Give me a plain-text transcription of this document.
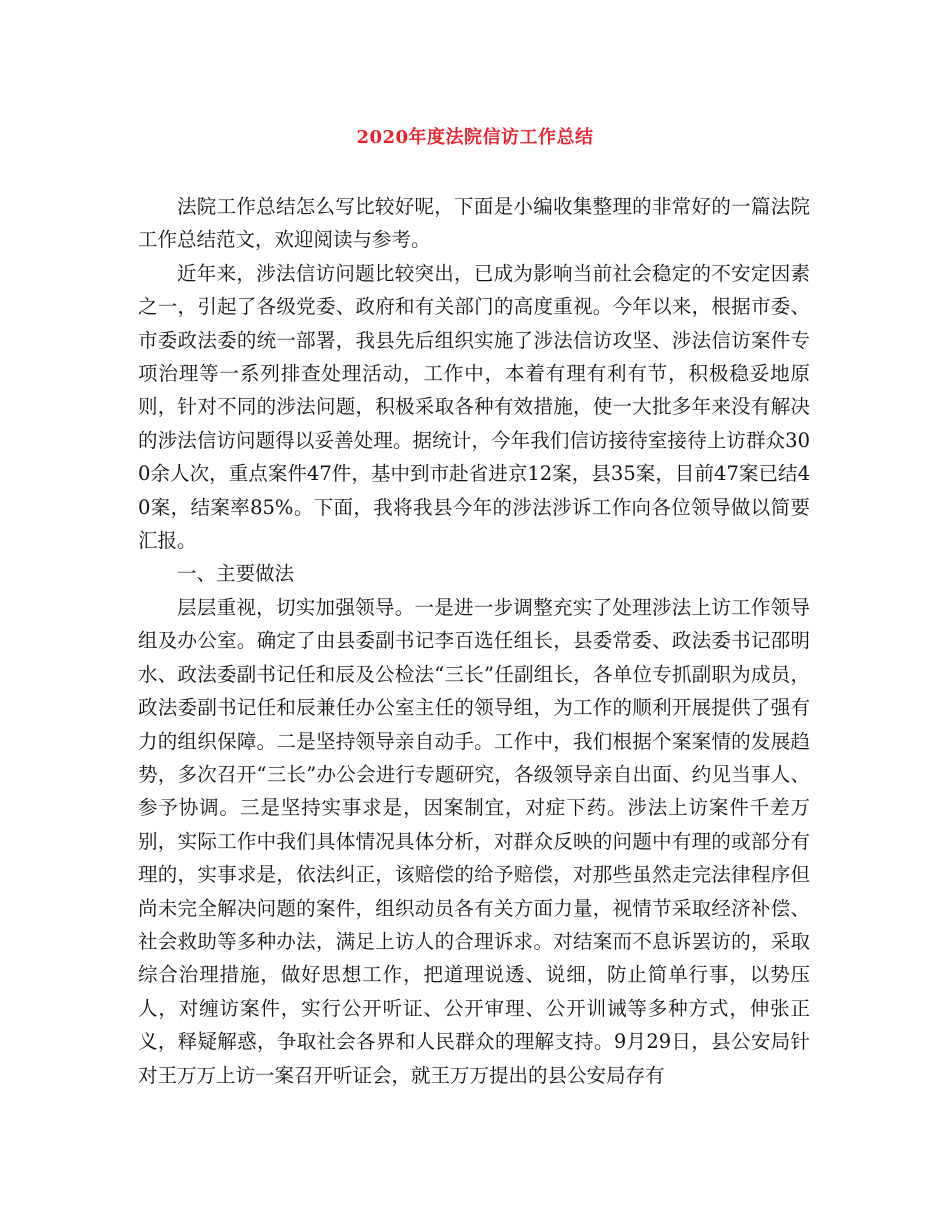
2020年度法院信访工作总结

法院工作总结怎么写比较好呢，下面是小编收集整理的非常好的一篇法院工作总结范文，欢迎阅读与参考。

近年来，涉法信访问题比较突出，已成为影响当前社会稳定的不安定因素之一，引起了各级党委、政府和有关部门的高度重视。今年以来，根据市委、市委政法委的统一部署，我县先后组织实施了涉法信访攻坚、涉法信访案件专项治理等一系列排查处理活动，工作中，本着有理有利有节，积极稳妥地原则，针对不同的涉法问题，积极采取各种有效措施，使一大批多年来没有解决的涉法信访问题得以妥善处理。据统计，今年我们信访接待室接待上访群众300余人次，重点案件47件，基中到市赴省进京12案，县35案，目前47案已结40案，结案率85%。下面，我将我县今年的涉法涉诉工作向各位领导做以简要汇报。

一、主要做法

层层重视，切实加强领导。一是进一步调整充实了处理涉法上访工作领导组及办公室。确定了由县委副书记李百选任组长，县委常委、政法委书记邵明水、政法委副书记任和辰及公检法“三长”任副组长，各单位专抓副职为成员，政法委副书记任和辰兼任办公室主任的领导组，为工作的顺利开展提供了强有力的组织保障。二是坚持领导亲自动手。工作中，我们根据个案案情的发展趋势，多次召开“三长”办公会进行专题研究，各级领导亲自出面、约见当事人、参予协调。三是坚持实事求是，因案制宜，对症下药。涉法上访案件千差万别，实际工作中我们具体情况具体分析，对群众反映的问题中有理的或部分有理的，实事求是，依法纠正，该赔偿的给予赔偿，对那些虽然走完法律程序但尚未完全解决问题的案件，组织动员各有关方面力量，视情节采取经济补偿、社会救助等多种办法，满足上访人的合理诉求。对结案而不息诉罢访的，采取综合治理措施，做好思想工作，把道理说透、说细，防止简单行事，以势压人，对缠访案件，实行公开听证、公开审理、公开训诫等多种方式，伸张正义，释疑解惑，争取社会各界和人民群众的理解支持。9月29日，县公安局针对王万万上访一案召开听证会，就王万万提出的县公安局存有
